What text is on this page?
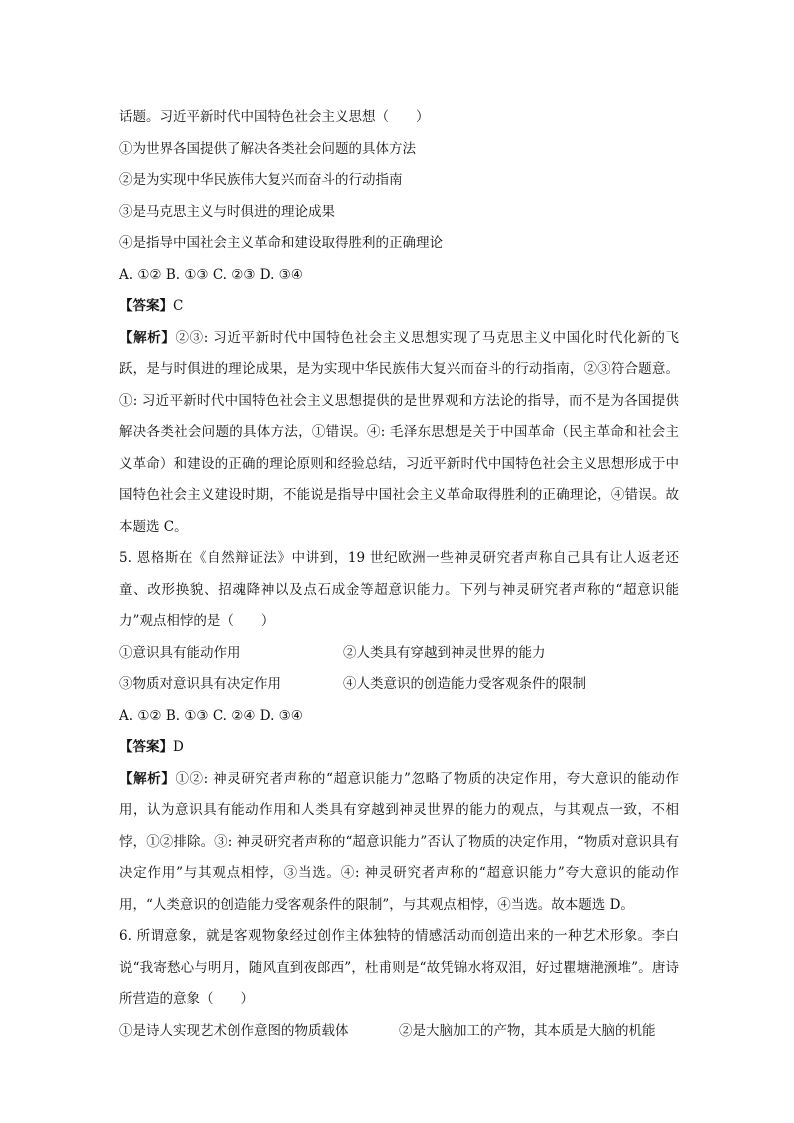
话题。习近平新时代中国特色社会主义思想（　　）
①为世界各国提供了解决各类社会问题的具体方法
②是为实现中华民族伟大复兴而奋斗的行动指南
③是马克思主义与时俱进的理论成果
④是指导中国社会主义革命和建设取得胜利的正确理论
A. ①② B. ①③ C. ②③ D. ③④
【答案】C
【解析】②③: 习近平新时代中国特色社会主义思想实现了马克思主义中国化时代化新的飞跃，是与时俱进的理论成果，是为实现中华民族伟大复兴而奋斗的行动指南，②③符合题意。①: 习近平新时代中国特色社会主义思想提供的是世界观和方法论的指导，而不是为各国提供解决各类社会问题的具体方法，①错误。④: 毛泽东思想是关于中国革命（民主革命和社会主义革命）和建设的正确的理论原则和经验总结，习近平新时代中国特色社会主义思想形成于中国特色社会主义建设时期，不能说是指导中国社会主义革命取得胜利的正确理论，④错误。故本题选 C。
5. 恩格斯在《自然辩证法》中讲到，19 世纪欧洲一些神灵研究者声称自己具有让人返老还童、改形换貌、招魂降神以及点石成金等超意识能力。下列与神灵研究者声称的“超意识能力”观点相悖的是（　　）
①意识具有能动作用	②人类具有穿越到神灵世界的能力
③物质对意识具有决定作用	④人类意识的创造能力受客观条件的限制
A. ①② B. ①③ C. ②④ D. ③④
【答案】D
【解析】①②: 神灵研究者声称的“超意识能力”忽略了物质的决定作用，夸大意识的能动作用，认为意识具有能动作用和人类具有穿越到神灵世界的能力的观点，与其观点一致，不相悖，①②排除。③: 神灵研究者声称的“超意识能力”否认了物质的决定作用，“物质对意识具有决定作用”与其观点相悖，③当选。④: 神灵研究者声称的“超意识能力”夸大意识的能动作用，“人类意识的创造能力受客观条件的限制”，与其观点相悖，④当选。故本题选 D。
6. 所谓意象，就是客观物象经过创作主体独特的情感活动而创造出来的一种艺术形象。李白说“我寄愁心与明月，随风直到夜郎西”，杜甫则是“故凭锦水将双泪，好过瞿塘滟滪堆”。唐诗所营造的意象（　　）
①是诗人实现艺术创作意图的物质载体	②是大脑加工的产物，其本质是大脑的机能
